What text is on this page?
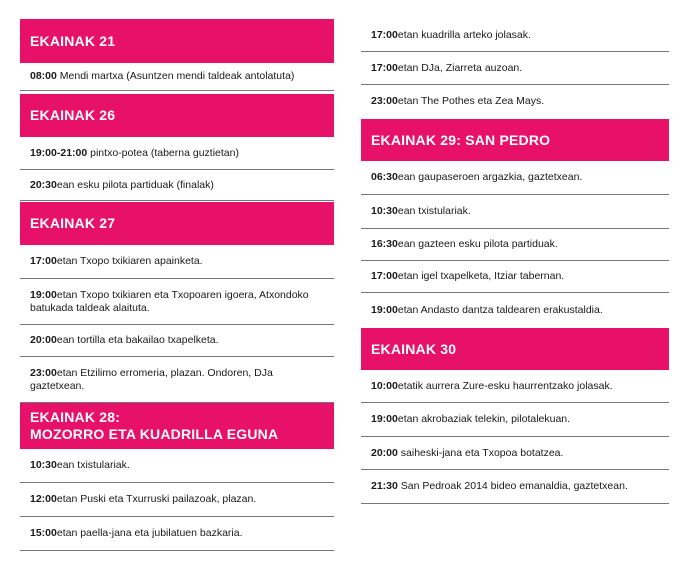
EKAINAK 21
08:00 Mendi martxa (Asuntzen mendi taldeak antolatuta)
EKAINAK 26
19:00-21:00 pintxo-potea (taberna guztietan)
20:30ean esku pilota partiduak (finalak)
EKAINAK 27
17:00etan Txopo txikiaren apainketa.
19:00etan Txopo txikiaren eta Txopoaren igoera, Atxondoko batukada taldeak alaituta.
20:00ean tortilla eta bakailao txapelketa.
23:00etan Etzilimo erromeria, plazan. Ondoren, DJa gaztetxean.
EKAINAK 28:
MOZORRO ETA KUADRILLA EGUNA
10:30ean txistulariak.
12:00etan Puski eta Txurruski pailazoak, plazan.
15:00etan paella-jana eta jubilatuen bazkaria.
17:00etan kuadrilla arteko jolasak.
17:00etan DJa, Ziarreta auzoan.
23:00etan The Pothes eta Zea Mays.
EKAINAK 29: SAN PEDRO
06:30ean gaupaseroen argazkia, gaztetxean.
10:30ean txistulariak.
16:30ean gazteen esku pilota partiduak.
17:00etan igel txapelketa, Itziar tabernan.
19:00etan Andasto dantza taldearen erakustaldia.
EKAINAK 30
10:00etatik aurrera Zure-esku haurrentzako jolasak.
19:00etan akrobaziak telekin, pilotalekuan.
20:00 saiheski-jana eta Txopoa botatzea.
21:30 San Pedroak 2014 bideo emanaldia, gaztetxean.
